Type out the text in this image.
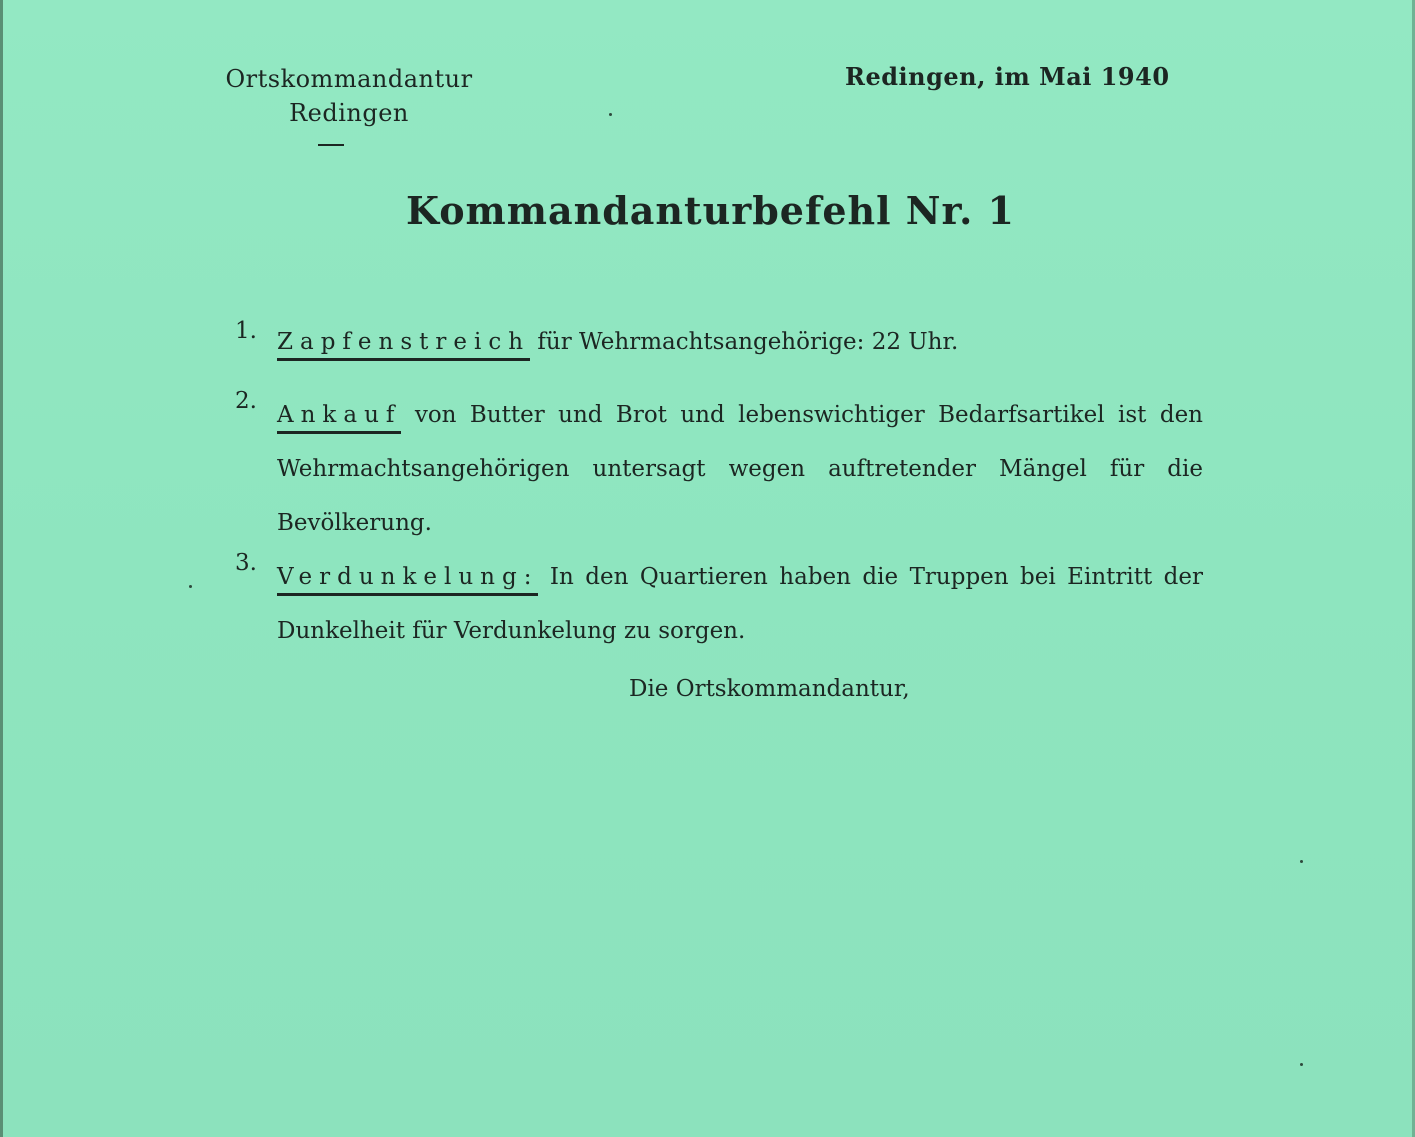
Ortskommandantur
Redingen
Redingen, im Mai 1940
Kommandanturbefehl Nr. 1
1. Zapfenstreich für Wehrmachtsangehörige: 22 Uhr.
2.
Ankauf von Butter und Brot und lebenswichtiger Bedarfsartikel ist den Wehrmachtsangehörigen untersagt wegen auftretender Mängel für die Bevölkerung.
3.
Verdunkelung: In den Quartieren haben die Truppen bei Eintritt der Dunkelheit für Verdunkelung zu sorgen.
Die Ortskommandantur,
